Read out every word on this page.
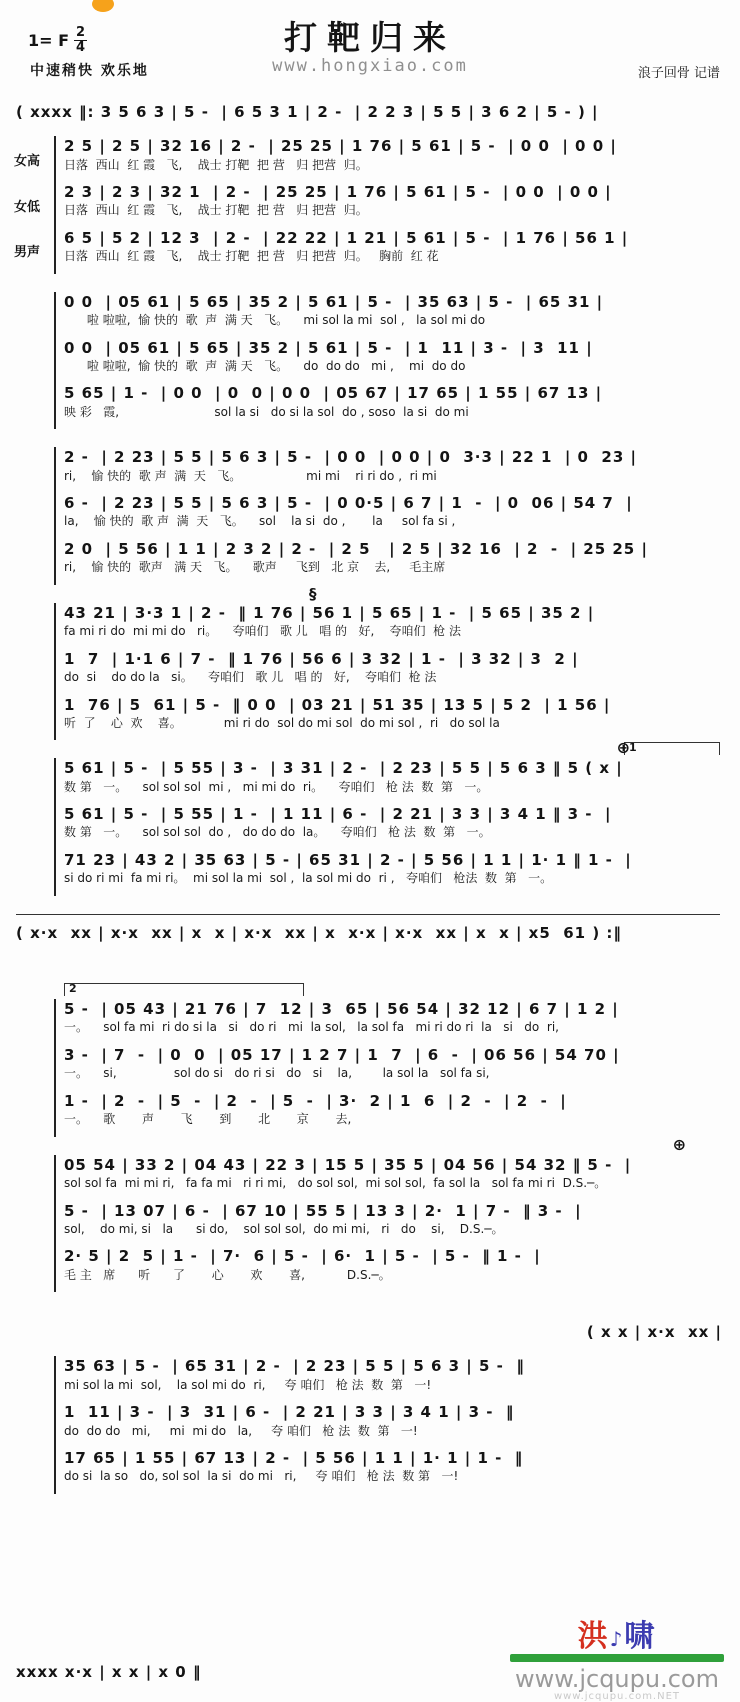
1= F $\frac{2}{4}$	打靶归来
www.hongxiao.com
中速稍快 欢乐地	浪子回骨 记谱
( xxxx ‖: 3 5 6 3 | 5 -  | 6 5 3 1 | 2 -  | 2 2 3 | 5 5 | 3 6 2 | 5 - ) |
女高
女低
男声
2 5 | 2 5 | 32 16 | 2 -  | 25 25 | 1 76 | 5 61 | 5 -  | 0 0  | 0 0 |
日落  西山  红 霞   飞,    战士 打靶  把 营   归 把营  归。
2 3 | 2 3 | 32 1  | 2 -  | 25 25 | 1 76 | 5 61 | 5 -  | 0 0  | 0 0 |
日落  西山  红 霞   飞,    战士 打靶  把 营   归 把营  归。
6 5 | 5 2 | 12 3  | 2 -  | 22 22 | 1 21 | 5 61 | 5 -  | 1 76 | 56 1 |
日落  西山  红 霞   飞,    战士 打靶  把 营   归 把营  归。   胸前  红 花
0 0  | 05 61 | 5 65 | 35 2 | 5 61 | 5 -  | 35 63 | 5 -  | 65 31 |
啦 啦啦,  愉 快的  歌  声  满 天   飞。    mi sol la mi  sol ,   la sol mi do
0 0  | 05 61 | 5 65 | 35 2 | 5 61 | 5 -  | 1  11 | 3 -  | 3  11 |
啦 啦啦,  愉 快的  歌  声  满 天   飞。    do  do do   mi ,    mi  do do
5 65 | 1 -  | 0 0  | 0  0 | 0 0  | 05 67 | 17 65 | 1 55 | 67 13 |
映 彩   霞,                         sol la si   do si la sol  do , soso  la si  do mi
2 -  | 2 23 | 5 5 | 5 6 3 | 5 -  | 0 0  | 0 0 | 0  3·3 | 22 1  | 0  23 |
ri,    愉 快的  歌 声  满  天   飞。                 mi mi    ri ri do ,  ri mi
6 -  | 2 23 | 5 5 | 5 6 3 | 5 -  | 0 0·5 | 6 7 | 1  -  | 0  06 | 54 7  |
la,    愉 快的  歌 声  满  天   飞。    sol    la si  do ,       la     sol fa si ,
2 0  | 5 56 | 1 1 | 2 3 2 | 2 -  | 2 5   | 2 5 | 32 16  | 2  -  | 25 25 |
ri,    愉 快的  歌声   满 天   飞。    歌声     飞到   北 京    去,     毛主席
§
43 21 | 3·3 1 | 2 -  ‖ 1 76 | 56 1 | 5 65 | 1 -  | 5 65 | 35 2 |
fa mi ri do  mi mi do   ri。    夸咱们   歌 儿   唱 的   好,    夸咱们  枪 法
1  7  | 1·1 6 | 7 -  ‖ 1 76 | 56 6 | 3 32 | 1 -  | 3 32 | 3  2 |
do  si    do do la   si。    夸咱们   歌 儿   唱 的   好,    夸咱们  枪 法
1  76 | 5  61 | 5 -  ‖ 0 0  | 03 21 | 51 35 | 13 5 | 5 2  | 1 56 |
听  了    心  欢    喜。           mi ri do  sol do mi sol  do mi sol ,  ri   do sol la
1
⊕
5 61 | 5 -  | 5 55 | 3 -  | 3 31 | 2 -  | 2 23 | 5 5 | 5 6 3 ‖ 5 ( x |
数 第   一。    sol sol sol  mi ,   mi mi do  ri。    夸咱们   枪 法  数  第   一。
5 61 | 5 -  | 5 55 | 1 -  | 1 11 | 6 -  | 2 21 | 3 3 | 3 4 1 ‖ 3 -  |
数 第   一。    sol sol sol  do ,   do do do  la。    夸咱们   枪 法  数  第   一。
71 23 | 43 2 | 35 63 | 5 - | 65 31 | 2 - | 5 56 | 1 1 | 1· 1 ‖ 1 -  |
si do ri mi  fa mi ri。  mi sol la mi  sol ,  la sol mi do  ri ,   夸咱们   枪法  数  第   一。
( x·x  xx | x·x  xx | x  x | x·x  xx | x  x·x | x·x  xx | x  x | x5  61 ) :‖
2
5 -  | 05 43 | 21 76 | 7  12 | 3  65 | 56 54 | 32 12 | 6 7 | 1 2 |
一。    sol fa mi  ri do si la   si   do ri   mi  la sol,   la sol fa   mi ri do ri  la   si   do  ri,
3 -  | 7  -  | 0  0  | 05 17 | 1 2 7 | 1  7  | 6  -  | 06 56 | 54 70 |
一。    si,               sol do si   do ri si   do   si    la,        la sol la   sol fa si,
1 -  | 2  -  | 5  -  | 2  -  | 5  -  | 3·  2 | 1  6  | 2  -  | 2  -  |
一。    歌       声       飞       到       北       京       去,
⊕
05 54 | 33 2 | 04 43 | 22 3 | 15 5 | 35 5 | 04 56 | 54 32 ‖ 5 -  |
sol sol fa  mi mi ri,   fa fa mi   ri ri mi,   do sol sol,  mi sol sol,  fa sol la   sol fa mi ri  D.S.─。
5 -  | 13 07 | 6 -  | 67 10 | 55 5 | 13 3 | 2·  1 | 7 -  ‖ 3 -  |
sol,    do mi, si   la      si do,    sol sol sol,  do mi mi,   ri   do    si,    D.S.─。
2· 5 | 2  5 | 1 -  | 7·  6 | 5 -  | 6·  1 | 5 -  | 5 -  ‖ 1 -  |
毛 主   席      听      了       心       欢       喜,           D.S.─。
( x x | x·x  xx |
35 63 | 5 -  | 65 31 | 2 -  | 2 23 | 5 5 | 5 6 3 | 5 -  ‖
mi sol la mi  sol,    la sol mi do  ri,     夸 咱们   枪 法  数  第   一!
1  11 | 3 -  | 3  31 | 6 -  | 2 21 | 3 3 | 3 4 1 | 3 -  ‖
do  do do   mi,     mi  mi do   la,     夸 咱们   枪 法  数  第   一!
17 65 | 1 55 | 67 13 | 2 -  | 5 56 | 1 1 | 1· 1 | 1 -  ‖
do si  la so   do, sol sol  la si  do mi   ri,     夸 咱们   枪 法  数 第   一!
xxxx x·x | x x | x 0 ‖
洪♪啸
www.jcqupu.com
www.jcqupu.com.NET
